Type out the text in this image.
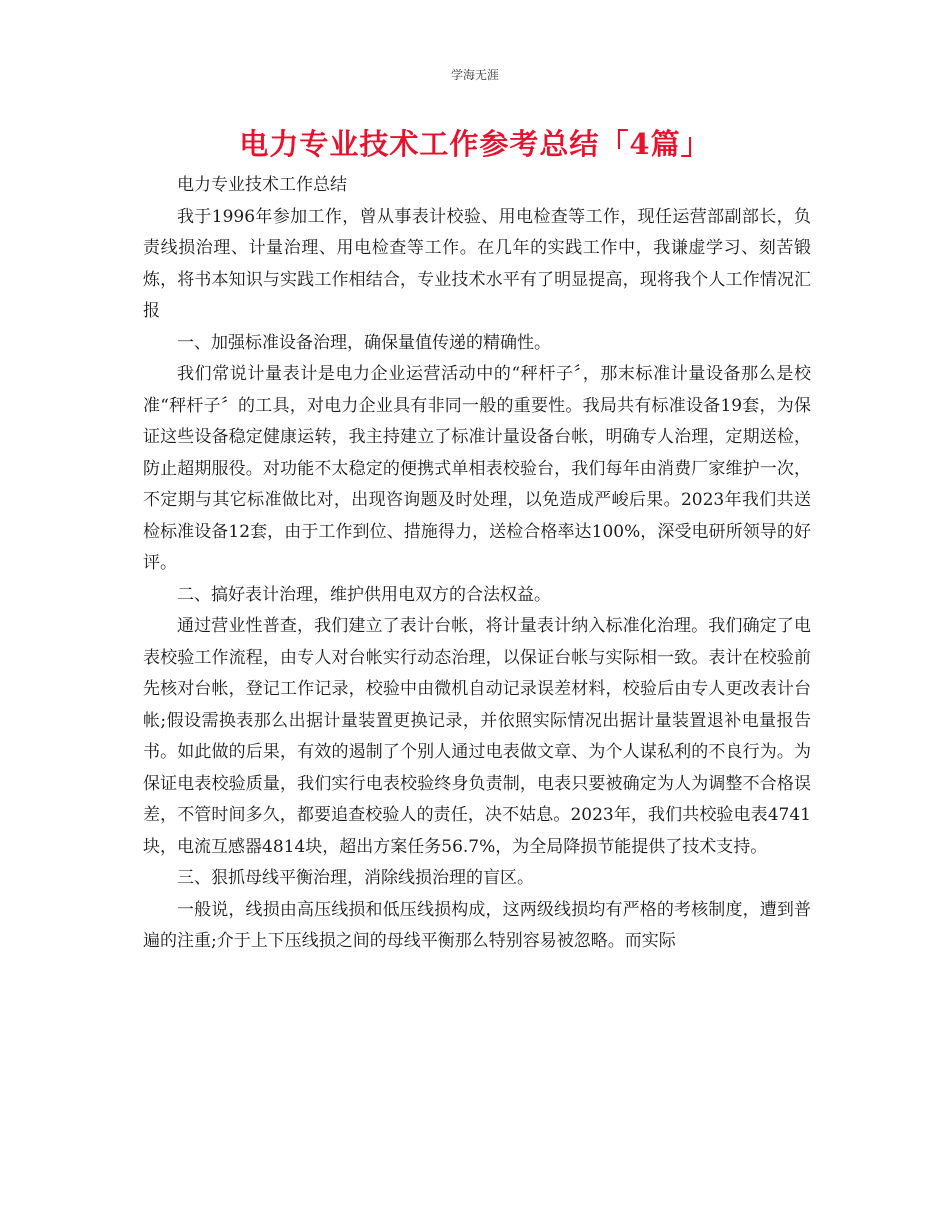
学海无涯
电力专业技术工作参考总结「4篇」

电力专业技术工作总结

我于1996年参加工作，曾从事表计校验、用电检查等工作，现任运营部副部长，负责线损治理、计量治理、用电检查等工作。在几年的实践工作中，我谦虚学习、刻苦锻炼，将书本知识与实践工作相结合，专业技术水平有了明显提高，现将我个人工作情况汇报

一、加强标准设备治理，确保量值传递的精确性。

我们常说计量表计是电力企业运营活动中的“秤杆子〞，那末标准计量设备那么是校准“秤杆子〞的工具，对电力企业具有非同一般的重要性。我局共有标准设备19套，为保证这些设备稳定健康运转，我主持建立了标准计量设备台帐，明确专人治理，定期送检，防止超期服役。对功能不太稳定的便携式单相表校验台，我们每年由消费厂家维护一次，不定期与其它标准做比对，出现咨询题及时处理，以免造成严峻后果。2023年我们共送检标准设备12套，由于工作到位、措施得力，送检合格率达100%，深受电研所领导的好评。

二、搞好表计治理，维护供用电双方的合法权益。

通过营业性普查，我们建立了表计台帐，将计量表计纳入标准化治理。我们确定了电表校验工作流程，由专人对台帐实行动态治理，以保证台帐与实际相一致。表计在校验前先核对台帐，登记工作记录，校验中由微机自动记录误差材料，校验后由专人更改表计台帐;假设需换表那么出据计量装置更换记录，并依照实际情况出据计量装置退补电量报告书。如此做的后果，有效的遏制了个别人通过电表做文章、为个人谋私利的不良行为。为保证电表校验质量，我们实行电表校验终身负责制，电表只要被确定为人为调整不合格误差，不管时间多久，都要追查校验人的责任，决不姑息。2023年，我们共校验电表4741块，电流互感器4814块，超出方案任务56.7%，为全局降损节能提供了技术支持。

三、狠抓母线平衡治理，消除线损治理的盲区。

一般说，线损由高压线损和低压线损构成，这两级线损均有严格的考核制度，遭到普遍的注重;介于上下压线损之间的母线平衡那么特别容易被忽略。而实际
